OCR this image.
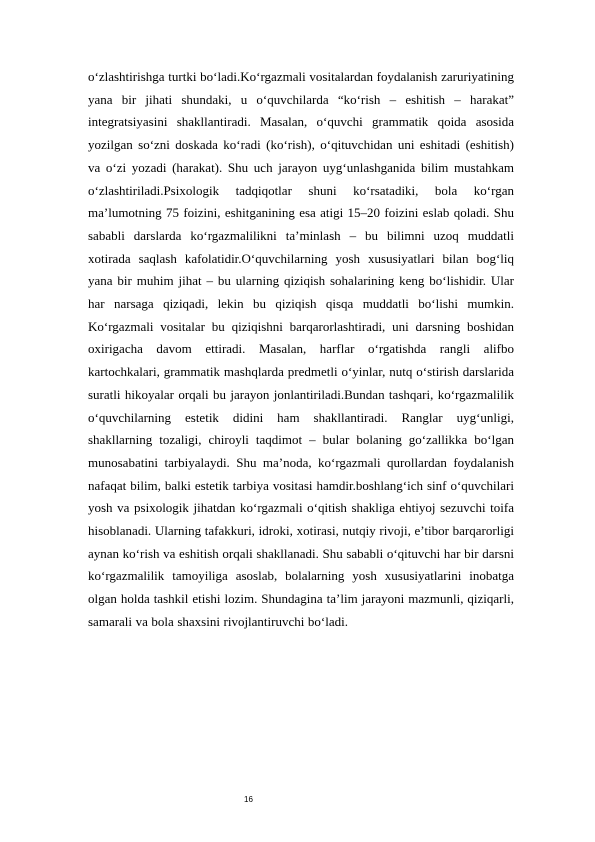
o‘zlashtirishga turtki bo‘ladi.Ko‘rgazmali vositalardan foydalanish zaruriyatining yana bir jihati shundaki, u o‘quvchilarda “ko‘rish – eshitish – harakat” integratsiyasini shakllantiradi. Masalan, o‘quvchi grammatik qoida asosida yozilgan so‘zni doskada ko‘radi (ko‘rish), o‘qituvchidan uni eshitadi (eshitish) va o‘zi yozadi (harakat). Shu uch jarayon uyg‘unlashganida bilim mustahkam o‘zlashtiriladi.Psixologik tadqiqotlar shuni ko‘rsatadiki, bola ko‘rgan ma’lumotning 75 foizini, eshitganining esa atigi 15–20 foizini eslab qoladi. Shu sababli darslarda ko‘rgazmalilikni ta’minlash – bu bilimni uzoq muddatli xotirada saqlash kafolatidir.O‘quvchilarning yosh xususiyatlari bilan bog‘liq yana bir muhim jihat – bu ularning qiziqish sohalarining keng bo‘lishidir. Ular har narsaga qiziqadi, lekin bu qiziqish qisqa muddatli bo‘lishi mumkin. Ko‘rgazmali vositalar bu qiziqishni barqarorlashtiradi, uni darsning boshidan oxirigacha davom ettiradi. Masalan, harflar o‘rgatishda rangli alifbo kartochkalari, grammatik mashqlarda predmetli o‘yinlar, nutq o‘stirish darslarida suratli hikoyalar orqali bu jarayon jonlantiriladi.Bundan tashqari, ko‘rgazmalilik o‘quvchilarning estetik didini ham shakllantiradi. Ranglar uyg‘unligi, shakllarning tozaligi, chiroyli taqdimot – bular bolaning go‘zallikka bo‘lgan munosabatini tarbiyalaydi. Shu ma’noda, ko‘rgazmali qurollardan foydalanish nafaqat bilim, balki estetik tarbiya vositasi hamdir.boshlang‘ich sinf o‘quvchilari yosh va psixologik jihatdan ko‘rgazmali o‘qitish shakliga ehtiyoj sezuvchi toifa hisoblanadi. Ularning tafakkuri, idroki, xotirasi, nutqiy rivoji, e’tibor barqarorligi aynan ko‘rish va eshitish orqali shakllanadi. Shu sababli o‘qituvchi har bir darsni ko‘rgazmalilik tamoyiliga asoslab, bolalarning yosh xususiyatlarini inobatga olgan holda tashkil etishi lozim. Shundagina ta’lim jarayoni mazmunli, qiziqarli, samarali va bola shaxsini rivojlantiruvchi bo‘ladi.

16
